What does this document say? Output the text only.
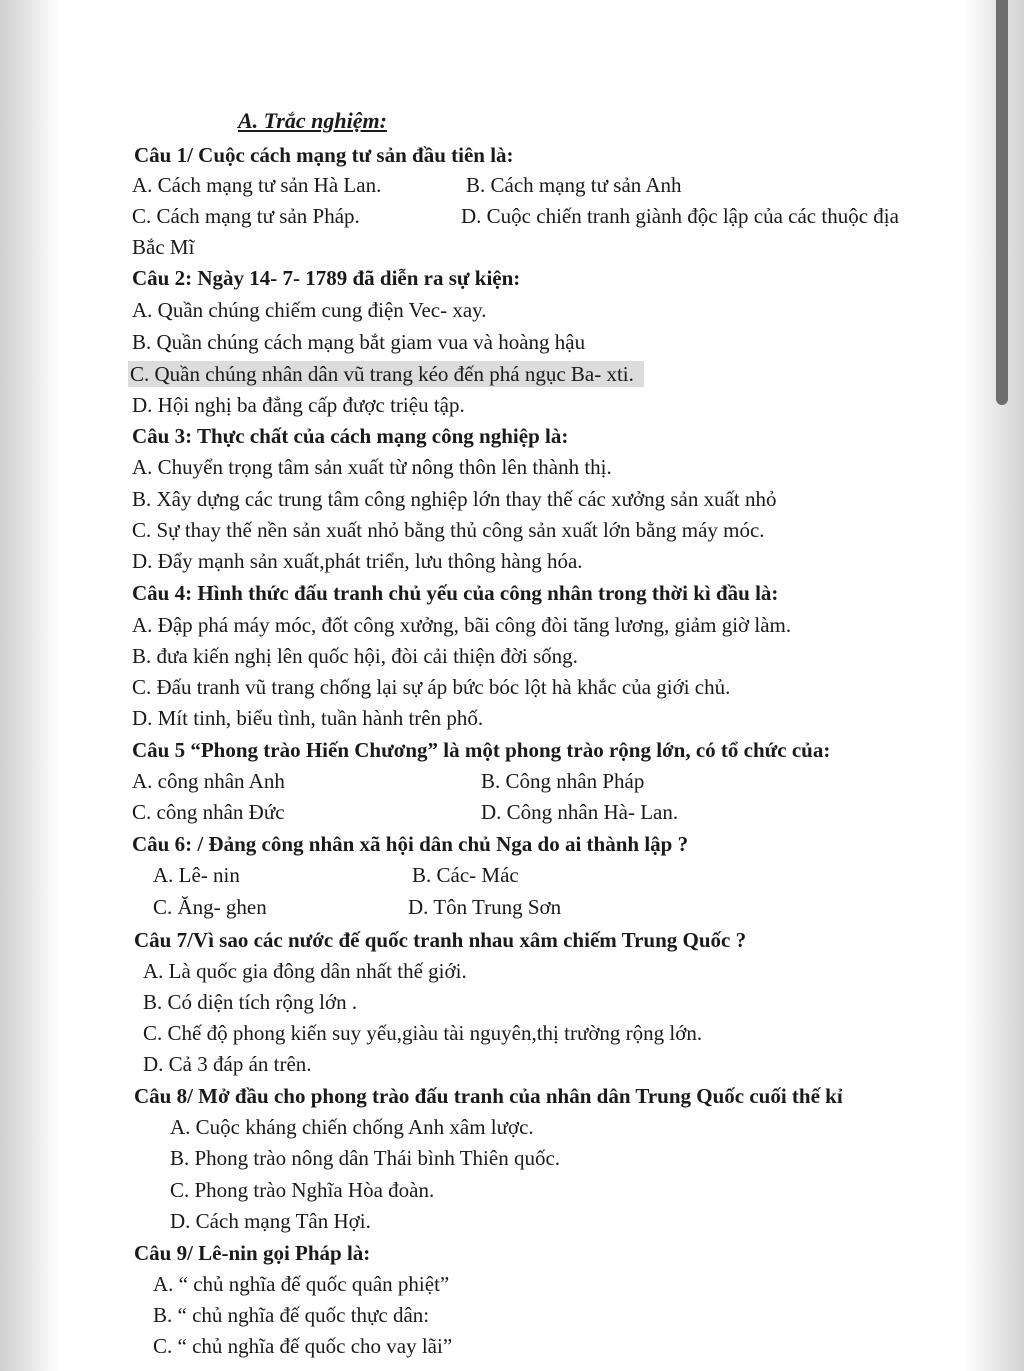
A. Trắc nghiệm:
Câu 1/ Cuộc cách mạng tư sản đầu tiên là:
A. Cách mạng tư sản Hà Lan.	B. Cách mạng tư sản Anh
C. Cách mạng tư sản Pháp.	D. Cuộc chiến tranh giành độc lập của các thuộc địa
Bắc Mĩ
Câu 2: Ngày 14- 7- 1789 đã diễn ra sự kiện:
A. Quần chúng chiếm cung điện Vec- xay.
B. Quần chúng cách mạng bắt giam vua và hoàng hậu
C. Quần chúng nhân dân vũ trang kéo đến phá ngục Ba- xti.
D. Hội nghị ba đẳng cấp được triệu tập.
Câu 3: Thực chất của cách mạng công nghiệp là:
A. Chuyển trọng tâm sản xuất từ nông thôn lên thành thị.
B. Xây dựng các trung tâm công nghiệp lớn thay thế các xưởng sản xuất nhỏ
C. Sự thay thế nền sản xuất nhỏ bằng thủ công sản xuất lớn bằng máy móc.
D. Đẩy mạnh sản xuất,phát triển, lưu thông hàng hóa.
Câu 4: Hình thức đấu tranh chủ yếu của công nhân trong thời kì đầu là:
A. Đập phá máy móc, đốt công xưởng, bãi công đòi tăng lương, giảm giờ làm.
B. đưa kiến nghị lên quốc hội, đòi cải thiện đời sống.
C. Đấu tranh vũ trang chống lại sự áp bức bóc lột hà khắc của giới chủ.
D. Mít tinh, biểu tình, tuần hành trên phố.
Câu 5 “Phong trào Hiến Chương” là một phong trào rộng lớn, có tổ chức của:
A. công nhân Anh	B. Công nhân Pháp
C. công nhân Đức	D. Công nhân Hà- Lan.
Câu 6: / Đảng công nhân xã hội dân chủ Nga do ai thành lập ?
A. Lê- nin	B. Các- Mác
C. Ăng- ghen	D. Tôn Trung Sơn
Câu 7/Vì sao các nước đế quốc tranh nhau xâm chiếm Trung Quốc ?
A. Là quốc gia đông dân nhất thế giới.
B. Có diện tích rộng lớn .
C. Chế độ phong kiến suy yếu,giàu tài nguyên,thị trường rộng lớn.
D. Cả 3 đáp án trên.
Câu 8/ Mở đầu cho phong trào đấu tranh của nhân dân Trung Quốc cuối thế kỉ
A. Cuộc kháng chiến chống Anh xâm lược.
B. Phong trào nông dân Thái bình Thiên quốc.
C. Phong trào Nghĩa Hòa đoàn.
D. Cách mạng Tân Hợi.
Câu 9/ Lê-nin gọi Pháp là:
A. “ chủ nghĩa đế quốc quân phiệt”
B. “ chủ nghĩa đế quốc thực dân:
C. “ chủ nghĩa đế quốc cho vay lãi”
